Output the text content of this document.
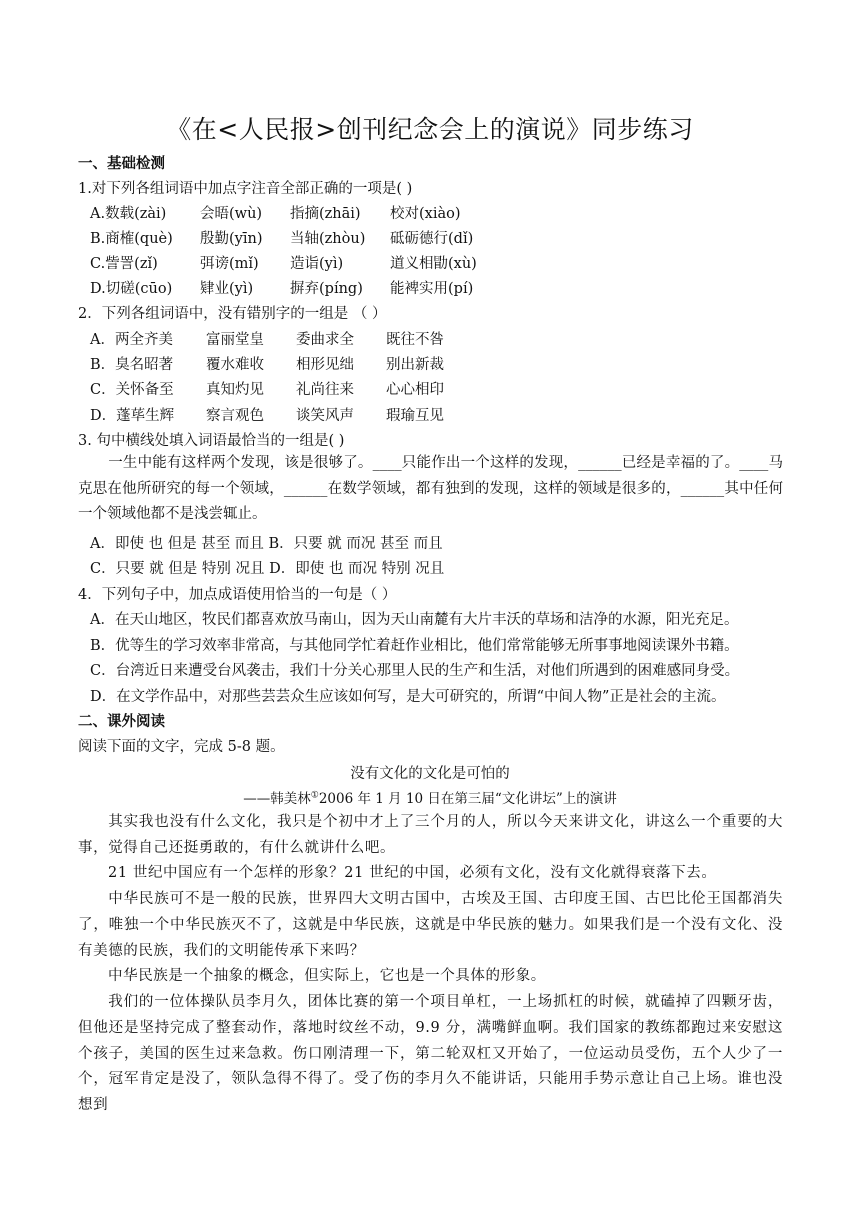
《在<人民报>创刊纪念会上的演说》同步练习
一、基础检测
1.对下列各组词语中加点字注音全部正确的一项是( )
A.数载(zài) 会晤(wù) 指摘(zhāi) 校对(xiào)
B.商榷(què) 殷勤(yīn) 当轴(zhòu) 砥砺德行(dǐ)
C.訾詈(zǐ)	弭谤(mǐ) 造诣(yì)	道义相勖(xù)
D.切磋(cūo) 肄业(yì)	摒弃(píng) 能裨实用(pí)
2．下列各组词语中，没有错别字的一组是 （ ）
A．两全齐美 富丽堂皇 委曲求全 既往不咎
B．臭名昭著 覆水难收 相形见绌 别出新裁
C．关怀备至 真知灼见 礼尚往来 心心相印
D．蓬荜生辉 察言观色 谈笑风声 瑕瑜互见
3. 句中横线处填入词语最恰当的一组是( )
一生中能有这样两个发现，该是很够了。____只能作出一个这样的发现，______已经是幸福的了。____马克思在他所研究的每一个领域，______在数学领域，都有独到的发现，这样的领域是很多的，______其中任何一个领域他都不是浅尝辄止。
A．即使 也 但是 甚至 而且 B．只要 就 而况 甚至 而且
C．只要 就 但是 特别 况且 D．即使 也 而况 特别 况且
4．下列句子中，加点成语使用恰当的一句是（ ）
A．在天山地区，牧民们都喜欢放马南山，因为天山南麓有大片丰沃的草场和洁净的水源，阳光充足。
B．优等生的学习效率非常高，与其他同学忙着赶作业相比，他们常常能够无所事事地阅读课外书籍。
C．台湾近日来遭受台风袭击，我们十分关心那里人民的生产和生活，对他们所遇到的困难感同身受。
D．在文学作品中，对那些芸芸众生应该如何写，是大可研究的，所谓“中间人物”正是社会的主流。
二、课外阅读
阅读下面的文字，完成 5-8 题。
没有文化的文化是可怕的
——韩美林①2006 年 1 月 10 日在第三届“文化讲坛”上的演讲
其实我也没有什么文化，我只是个初中才上了三个月的人，所以今天来讲文化，讲这么一个重要的大事，觉得自己还挺勇敢的，有什么就讲什么吧。
21 世纪中国应有一个怎样的形象？21 世纪的中国，必须有文化，没有文化就得衰落下去。
中华民族可不是一般的民族，世界四大文明古国中，古埃及王国、古印度王国、古巴比伦王国都消失了，唯独一个中华民族灭不了，这就是中华民族，这就是中华民族的魅力。如果我们是一个没有文化、没有美德的民族，我们的文明能传承下来吗？
中华民族是一个抽象的概念，但实际上，它也是一个具体的形象。
我们的一位体操队员李月久，团体比赛的第一个项目单杠，一上场抓杠的时候，就磕掉了四颗牙齿，但他还是坚持完成了整套动作，落地时纹丝不动，9.9 分，满嘴鲜血啊。我们国家的教练都跑过来安慰这个孩子，美国的医生过来急救。伤口刚清理一下，第二轮双杠又开始了，一位运动员受伤，五个人少了一个，冠军肯定是没了，领队急得不得了。受了伤的李月久不能讲话，只能用手势示意让自己上场。谁也没想到
